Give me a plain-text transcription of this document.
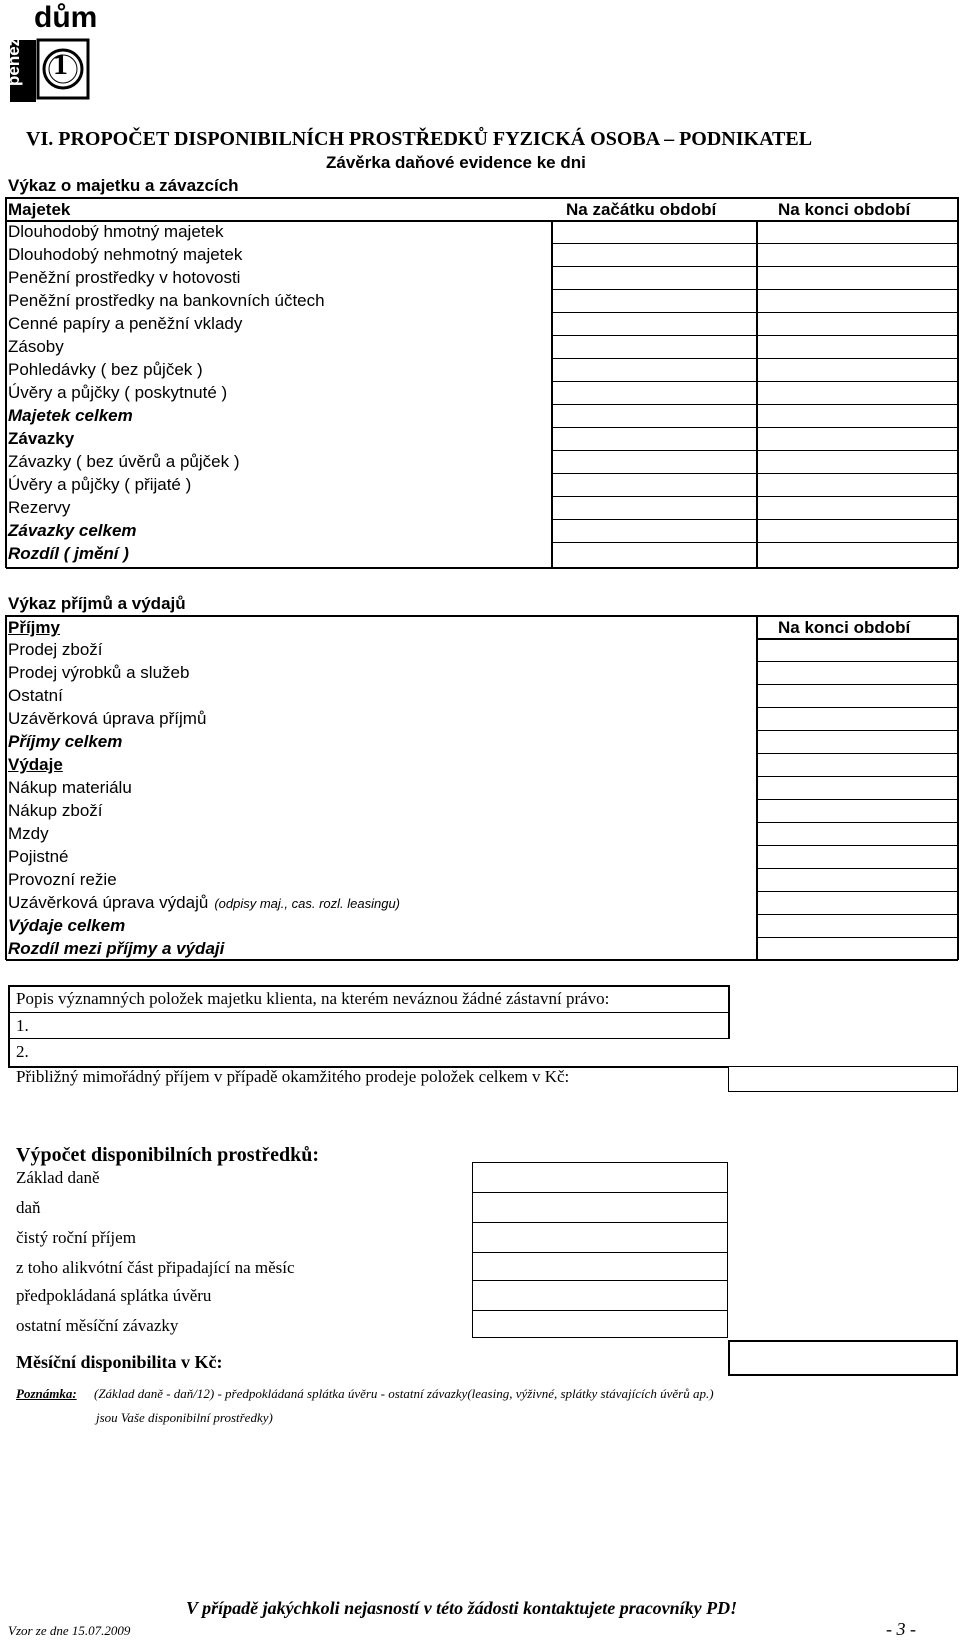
dům
peněžní 1
VI. PROPOČET DISPONIBILNÍCH PROSTŘEDKŮ FYZICKÁ OSOBA – PODNIKATEL
Závěrka daňové evidence ke dni
Výkaz o majetku a závazcích
Majetek	Na začátku období	Na konci období
Dlouhodobý hmotný majetek
Dlouhodobý nehmotný majetek
Peněžní prostředky v hotovosti
Peněžní prostředky na bankovních účtech
Cenné papíry a peněžní vklady
Zásoby
Pohledávky ( bez půjček )
Úvěry a půjčky ( poskytnuté )
Majetek celkem
Závazky
Závazky ( bez úvěrů a půjček )
Úvěry a půjčky ( přijaté )
Rezervy
Závazky celkem
Rozdíl ( jmění )
Výkaz příjmů a výdajů
Příjmy	Na konci období
Prodej zboží
Prodej výrobků a služeb
Ostatní
Uzávěrková úprava příjmů
Příjmy celkem
Výdaje
Nákup materiálu
Nákup zboží
Mzdy
Pojistné
Provozní režie
Uzávěrková úprava výdajů (odpisy maj., cas. rozl. leasingu)
Výdaje celkem
Rozdíl mezi příjmy a výdaji
Popis významných položek majetku klienta, na kterém neváznou žádné zástavní právo:
1.
2.
Přibližný mimořádný příjem v případě okamžitého prodeje položek celkem v Kč:
Výpočet disponibilních prostředků:
Základ daně
daň
čistý roční příjem
z toho alikvótní část připadající na měsíc
předpokládaná splátka úvěru
ostatní měsíční závazky
Měsíční disponibilita v Kč:
Poznámka: (Základ daně - daň/12) - předpokládaná splátka úvěru - ostatní závazky(leasing, výživné, splátky stávajících úvěrů ap.)
jsou Vaše disponibilní prostředky)
V případě jakýchkoli nejasností v této žádosti kontaktujete pracovníky PD!
Vzor ze dne 15.07.2009	- 3 -
